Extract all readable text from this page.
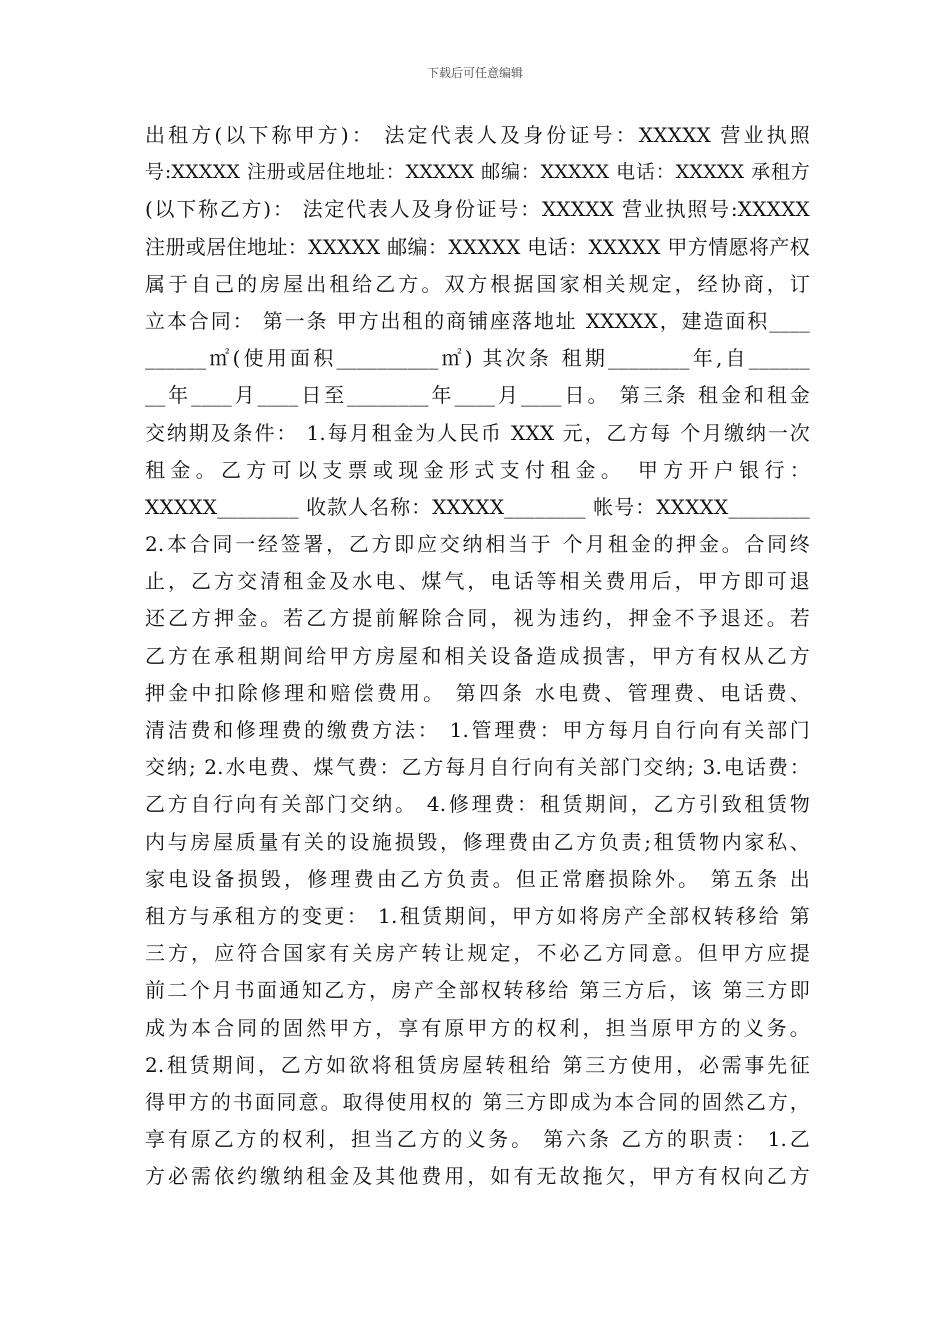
下载后可任意编辑
出租方(以下称甲方)： 法定代表人及身份证号：XXXXX 营业执照
号:XXXXX 注册或居住地址：XXXXX 邮编：XXXXX 电话：XXXXX 承租方
(以下称乙方)： 法定代表人及身份证号：XXXXX 营业执照号:XXXXX
注册或居住地址：XXXXX 邮编：XXXXX 电话：XXXXX 甲方情愿将产权
属于自己的房屋出租给乙方。双方根据国家相关规定，经协商，订
立本合同： 第一条 甲方出租的商铺座落地址 XXXXX，建造面积____
______㎡(使用面积__________㎡) 其次条 租期________年,自______
__年____月____日至________年____月____日。 第三条 租金和租金
交纳期及条件： 1.每月租金为人民币 XXX 元，乙方每 个月缴纳一次
租金。乙方可以支票或现金形式支付租金。 甲方开户银行：
XXXXX________ 收款人名称：XXXXX________ 帐号：XXXXX________
2.本合同一经签署，乙方即应交纳相当于 个月租金的押金。合同终
止，乙方交清租金及水电、煤气，电话等相关费用后，甲方即可退
还乙方押金。若乙方提前解除合同，视为违约，押金不予退还。若
乙方在承租期间给甲方房屋和相关设备造成损害，甲方有权从乙方
押金中扣除修理和赔偿费用。 第四条 水电费、管理费、电话费、
清洁费和修理费的缴费方法： 1.管理费：甲方每月自行向有关部门
交纳; 2.水电费、煤气费：乙方每月自行向有关部门交纳; 3.电话费：
乙方自行向有关部门交纳。 4.修理费：租赁期间，乙方引致租赁物
内与房屋质量有关的设施损毁，修理费由乙方负责;租赁物内家私、
家电设备损毁，修理费由乙方负责。但正常磨损除外。 第五条 出
租方与承租方的变更： 1.租赁期间，甲方如将房产全部权转移给 第
三方，应符合国家有关房产转让规定，不必乙方同意。但甲方应提
前二个月书面通知乙方，房产全部权转移给 第三方后，该 第三方即
成为本合同的固然甲方，享有原甲方的权利，担当原甲方的义务。
2.租赁期间，乙方如欲将租赁房屋转租给 第三方使用，必需事先征
得甲方的书面同意。取得使用权的 第三方即成为本合同的固然乙方，
享有原乙方的权利，担当乙方的义务。 第六条 乙方的职责： 1.乙
方必需依约缴纳租金及其他费用，如有无故拖欠，甲方有权向乙方
